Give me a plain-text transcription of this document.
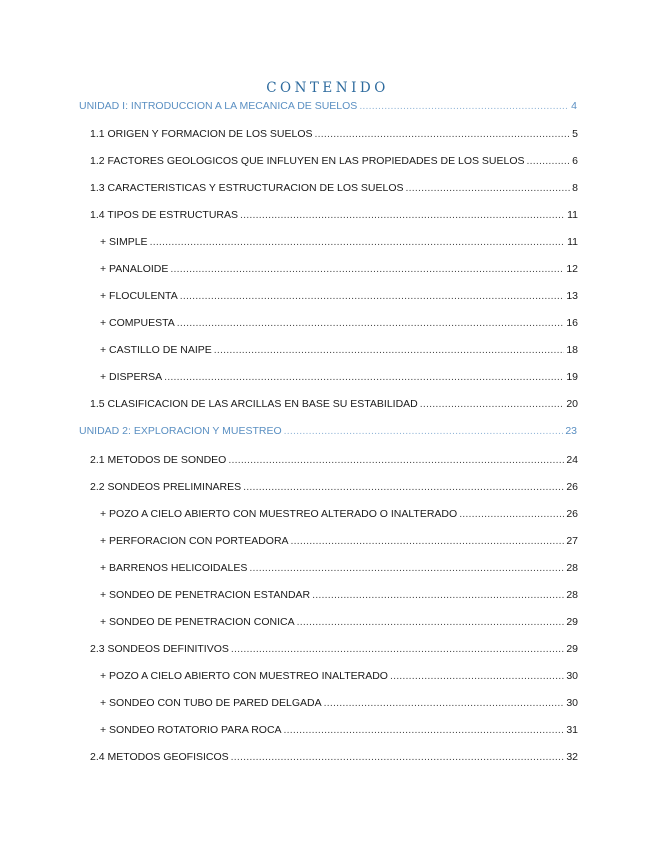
CONTENIDO
UNIDAD I: INTRODUCCION A LA MECANICA DE SUELOS .....	4
1.1 ORIGEN Y FORMACION DE LOS SUELOS .....	5
1.2 FACTORES GEOLOGICOS QUE INFLUYEN EN LAS PROPIEDADES DE LOS SUELOS .....	6
1.3 CARACTERISTICAS Y ESTRUCTURACION DE LOS SUELOS .....	8
1.4 TIPOS DE ESTRUCTURAS .....	11
+ SIMPLE .....	11
+ PANALOIDE .....	12
+ FLOCULENTA .....	13
+ COMPUESTA .....	16
+ CASTILLO DE NAIPE .....	18
+ DISPERSA .....	19
1.5 CLASIFICACION DE LAS ARCILLAS EN BASE SU ESTABILIDAD .....	20
UNIDAD 2: EXPLORACION Y MUESTREO .....	23
2.1 METODOS DE SONDEO .....	24
2.2 SONDEOS PRELIMINARES .....	26
+ POZO A CIELO ABIERTO CON MUESTREO ALTERADO O INALTERADO .....	26
+ PERFORACION CON PORTEADORA .....	27
+ BARRENOS HELICOIDALES .....	28
+ SONDEO DE PENETRACION ESTANDAR .....	28
+ SONDEO DE PENETRACION CONICA .....	29
2.3 SONDEOS DEFINITIVOS .....	29
+ POZO A CIELO ABIERTO CON MUESTREO INALTERADO .....	30
+ SONDEO CON TUBO DE PARED DELGADA .....	30
+ SONDEO ROTATORIO PARA ROCA .....	31
2.4 METODOS GEOFISICOS .....	32
